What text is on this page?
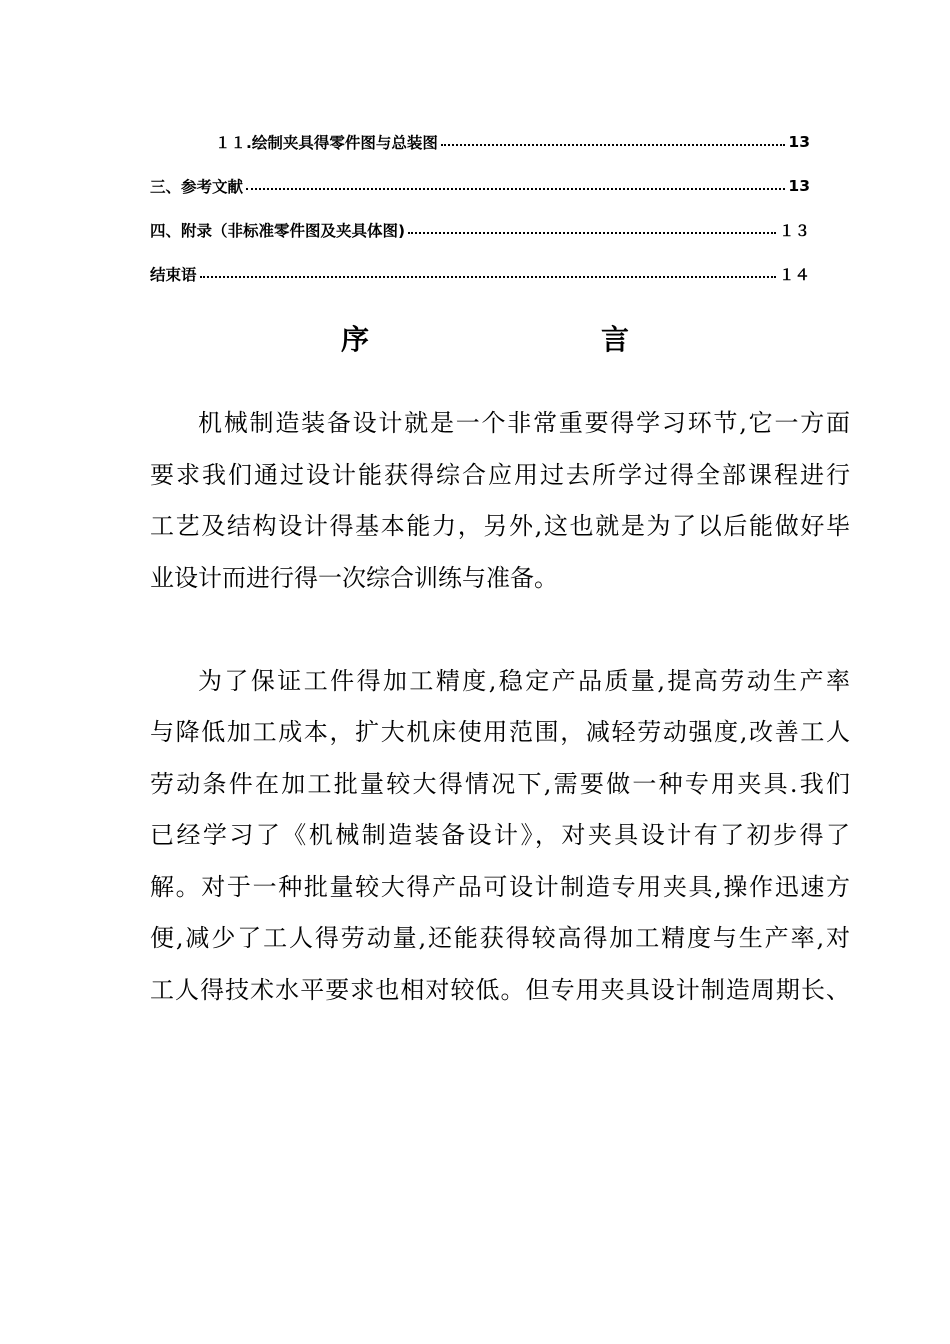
１１.绘制夹具得零件图与总装图	13
三、参考文献	13
四、附录（非标准零件图及夹具体图)	１３
结束语	１４
序	言

机械制造装备设计就是一个非常重要得学习环节,它一方面
要求我们通过设计能获得综合应用过去所学过得全部课程进行
工艺及结构设计得基本能力，另外,这也就是为了以后能做好毕
业设计而进行得一次综合训练与准备。

为了保证工件得加工精度,稳定产品质量,提高劳动生产率
与降低加工成本，扩大机床使用范围，减轻劳动强度,改善工人
劳动条件在加工批量较大得情况下,需要做一种专用夹具.我们
已经学习了《机械制造装备设计》，对夹具设计有了初步得了
解。对于一种批量较大得产品可设计制造专用夹具,操作迅速方
便,减少了工人得劳动量,还能获得较高得加工精度与生产率,对
工人得技术水平要求也相对较低。但专用夹具设计制造周期长、
